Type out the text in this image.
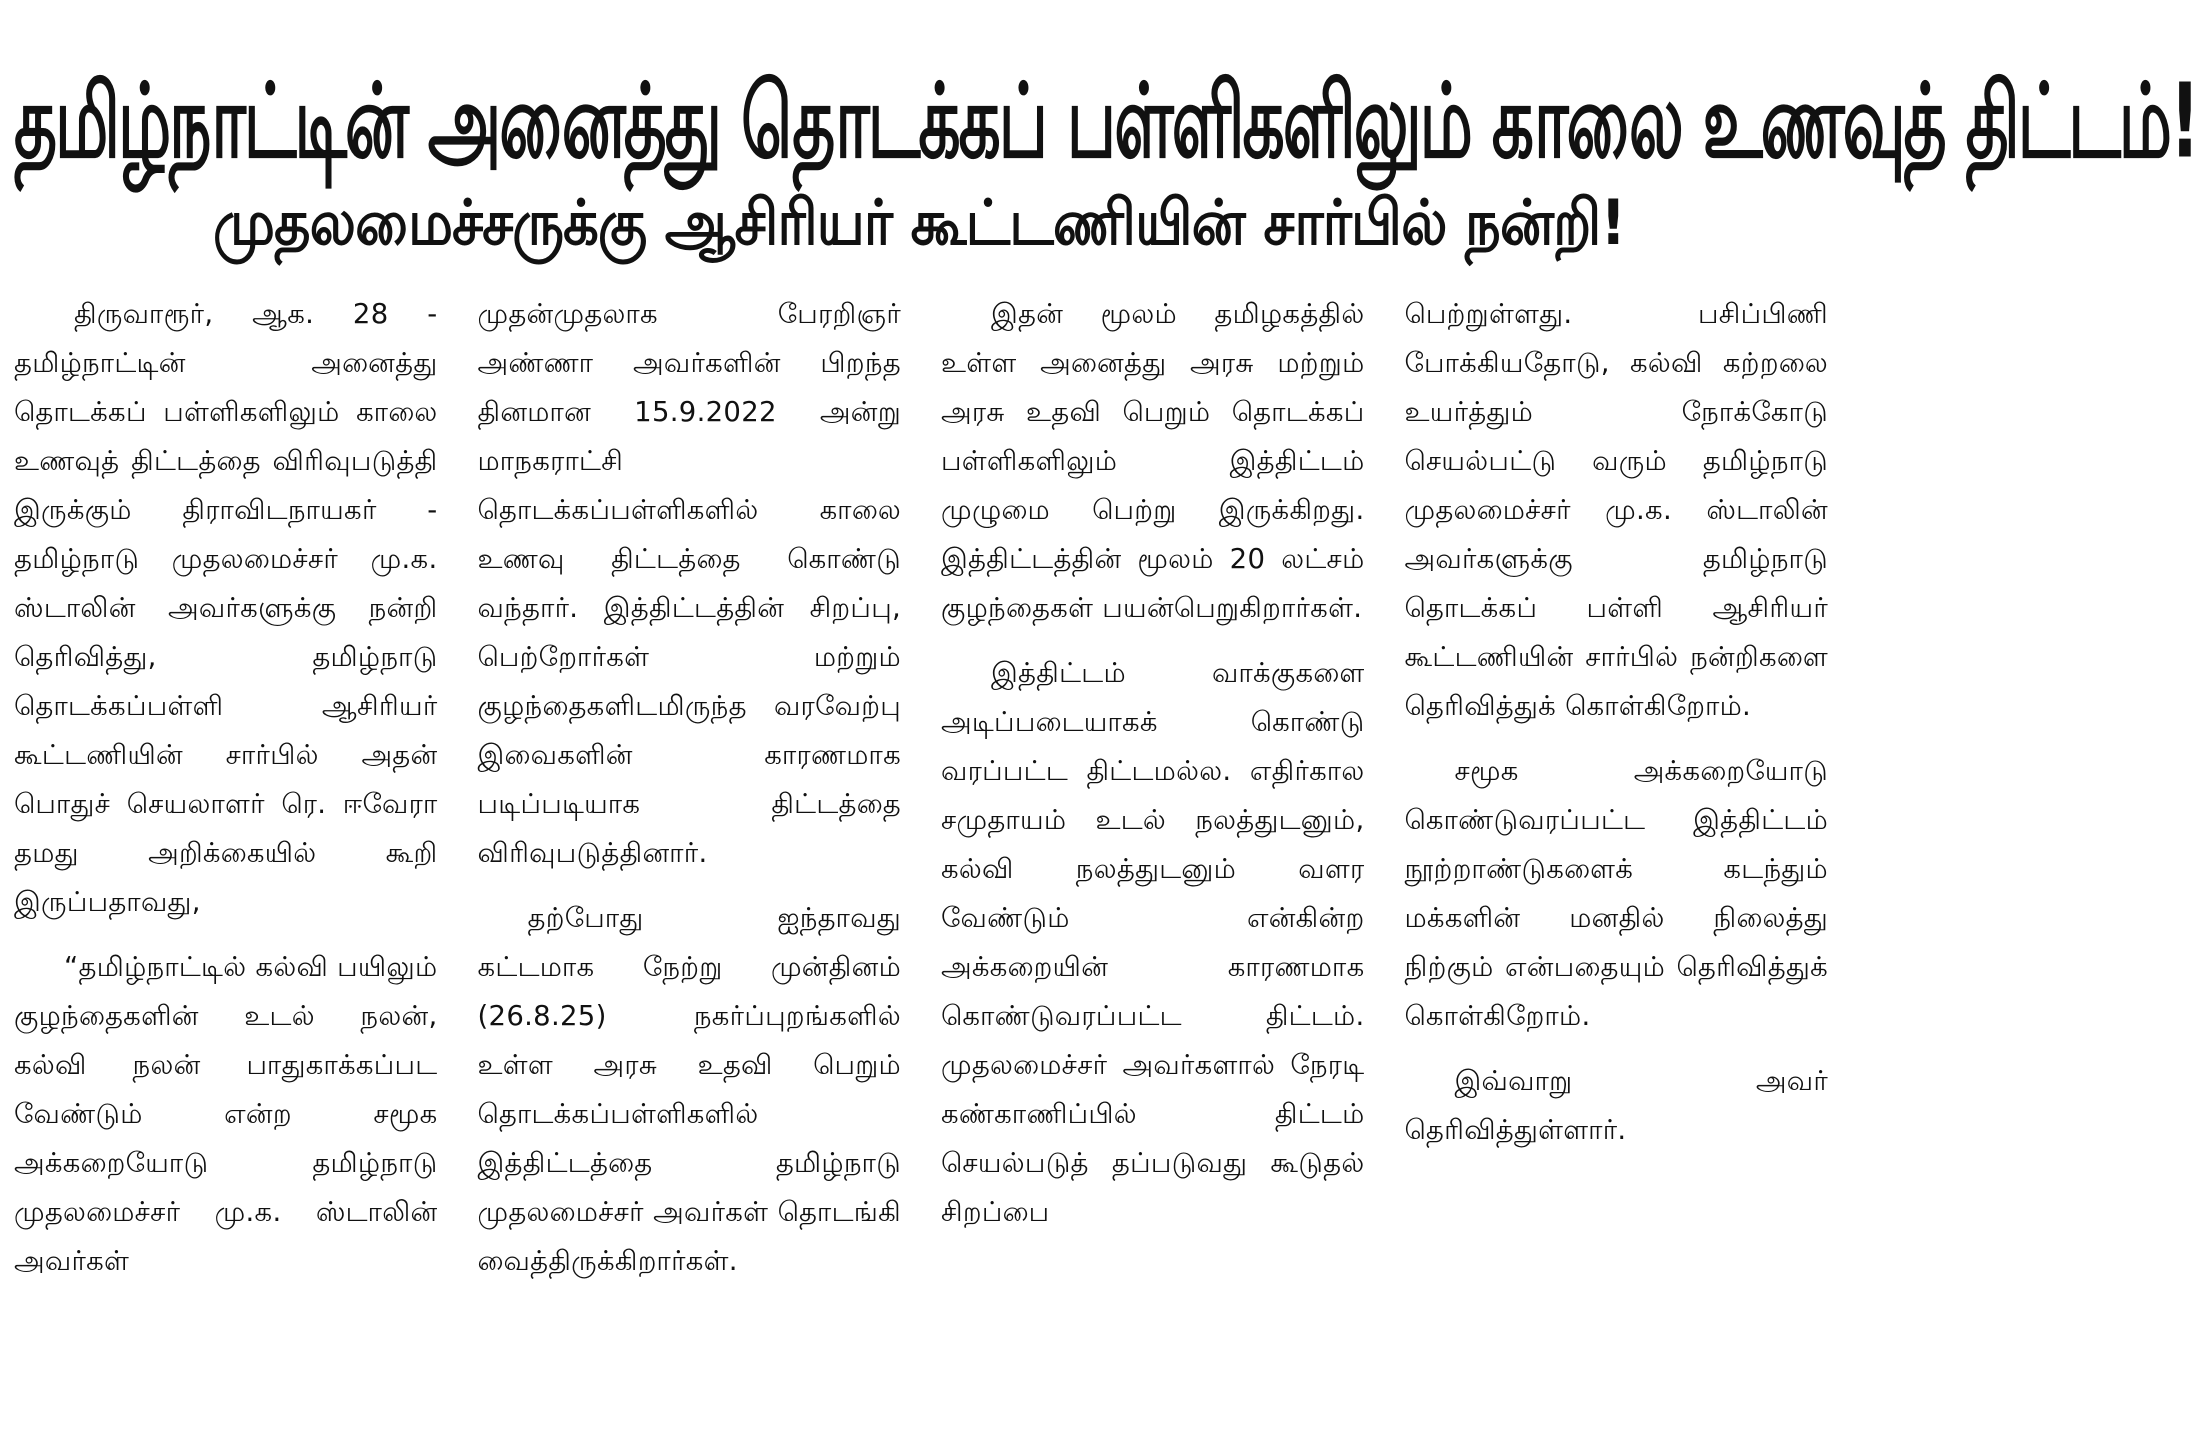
தமிழ்நாட்டின் அனைத்து தொடக்கப் பள்ளிகளிலும் காலை உணவுத் திட்டம்!
முதலமைச்சருக்கு ஆசிரியர் கூட்டணியின் சார்பில் நன்றி!

திருவாரூர், ஆக. 28 - தமிழ்நாட்டின் அனைத்து தொடக்கப் பள்ளிகளிலும் காலை உணவுத் திட்டத்தை விரிவுபடுத்தி இருக்கும் திராவிடநாயகர் - தமிழ்நாடு முதலமைச்சர் மு.க. ஸ்டாலின் அவர்களுக்கு நன்றி தெரிவித்து, தமிழ்நாடு தொடக்கப்பள்ளி ஆசிரியர் கூட்டணியின் சார்பில் அதன் பொதுச் செயலாளர் ரெ. ஈவேரா தமது அறிக்கையில் கூறி இருப்பதாவது,

“தமிழ்நாட்டில் கல்வி பயிலும் குழந்தைகளின் உடல் நலன், கல்வி நலன் பாதுகாக்கப்பட வேண்டும் என்ற சமூக அக்கறையோடு தமிழ்நாடு முதலமைச்சர் மு.க. ஸ்டாலின் அவர்கள்

முதன்முதலாக பேரறிஞர் அண்ணா அவர்களின் பிறந்த தினமான 15.9.2022 அன்று மாநகராட்சி தொடக்கப்பள்ளிகளில் காலை உணவு திட்டத்தை கொண்டு வந்தார். இத்திட்டத்தின் சிறப்பு, பெற்றோர்கள் மற்றும் குழந்தைகளிடமிருந்த வரவேற்பு இவைகளின் காரணமாக படிப்படியாக திட்டத்தை விரிவுபடுத்தினார்.

தற்போது ஐந்தாவது கட்டமாக நேற்று முன்தினம் (26.8.25) நகர்ப்புறங்களில் உள்ள அரசு உதவி பெறும் தொடக்கப்பள்ளிகளில் இத்திட்டத்தை தமிழ்நாடு முதலமைச்சர் அவர்கள் தொடங்கி வைத்திருக்கிறார்கள்.

இதன் மூலம் தமிழகத்தில் உள்ள அனைத்து அரசு மற்றும் அரசு உதவி பெறும் தொடக்கப் பள்ளிகளிலும் இத்திட்டம் முழுமை பெற்று இருக்கிறது. இத்திட்டத்தின் மூலம் 20 லட்சம் குழந்தைகள் பயன்பெறுகிறார்கள்.

இத்திட்டம் வாக்குகளை அடிப்படையாகக் கொண்டு வரப்பட்ட திட்டமல்ல. எதிர்கால சமுதாயம் உடல் நலத்துடனும், கல்வி நலத்துடனும் வளர வேண்டும் என்கின்ற அக்கறையின் காரணமாக கொண்டுவரப்பட்ட திட்டம். முதலமைச்சர் அவர்களால் நேரடி கண்காணிப்பில் திட்டம் செயல்படுத் தப்படுவது கூடுதல் சிறப்பை

பெற்றுள்ளது. பசிப்பிணி போக்கியதோடு, கல்வி கற்றலை உயர்த்தும் நோக்கோடு செயல்பட்டு வரும் தமிழ்நாடு முதலமைச்சர் மு.க. ஸ்டாலின் அவர்களுக்கு தமிழ்நாடு தொடக்கப் பள்ளி ஆசிரியர் கூட்டணியின் சார்பில் நன்றிகளை தெரிவித்துக் கொள்கிறோம்.

சமூக அக்கறையோடு கொண்டுவரப்பட்ட இத்திட்டம் நூற்றாண்டுகளைக் கடந்தும் மக்களின் மனதில் நிலைத்து நிற்கும் என்பதையும் தெரிவித்துக் கொள்கிறோம்.

இவ்வாறு அவர் தெரிவித்துள்ளார்.
